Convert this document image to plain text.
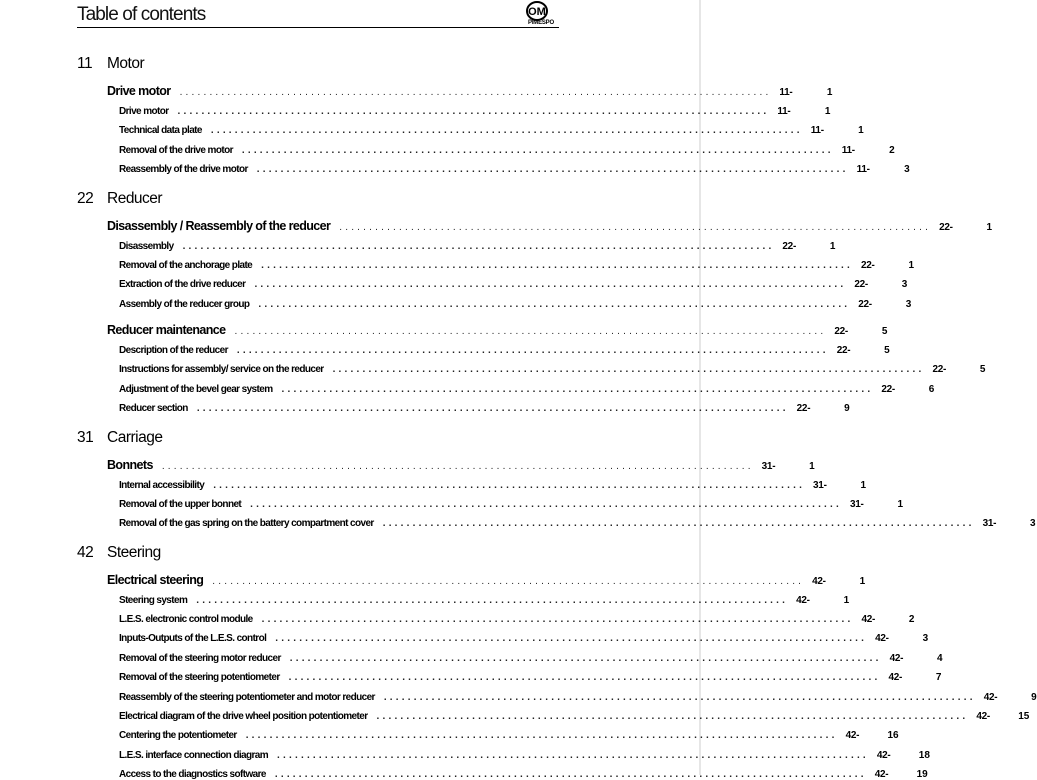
Table of contents	OM
PIMESPO
11 Motor
Drive motor ................................................................................................... 11-	1
Drive motor ................................................................................................... 11-	1
Technical data plate ................................................................................................... 11-	1
Removal of the drive motor ................................................................................................... 11-	2
Reassembly of the drive motor ................................................................................................... 11-	3
22 Reducer
Disassembly / Reassembly of the reducer ................................................................................................... 22-	1
Disassembly ................................................................................................... 22-	1
Removal of the anchorage plate ................................................................................................... 22-	1
Extraction of the drive reducer ................................................................................................... 22-	3
Assembly of the reducer group ................................................................................................... 22-	3
Reducer maintenance ................................................................................................... 22-	5
Description of the reducer ................................................................................................... 22-	5
Instructions for assembly/ service on the reducer ................................................................................................... 22-	5
Adjustment of the bevel gear system ................................................................................................... 22-	6
Reducer section ................................................................................................... 22-	9
31 Carriage
Bonnets ................................................................................................... 31-	1
Internal accessibility ................................................................................................... 31-	1
Removal of the upper bonnet ................................................................................................... 31-	1
Removal of the gas spring on the battery compartment cover ................................................................................................... 31-	3
42 Steering
Electrical steering ................................................................................................... 42-	1
Steering system ................................................................................................... 42-	1
L.E.S. electronic control module ................................................................................................... 42-	2
Inputs-Outputs of the L.E.S. control ................................................................................................... 42-	3
Removal of the steering motor reducer ................................................................................................... 42-	4
Removal of the steering potentiometer ................................................................................................... 42-	7
Reassembly of the steering potentiometer and motor reducer ................................................................................................... 42-	9
Electrical diagram of the drive wheel position potentiometer ................................................................................................... 42-	15
Centering the potentiometer ................................................................................................... 42-	16
L.E.S. interface connection diagram ................................................................................................... 42-	18
Access to the diagnostics software ................................................................................................... 42-	19
